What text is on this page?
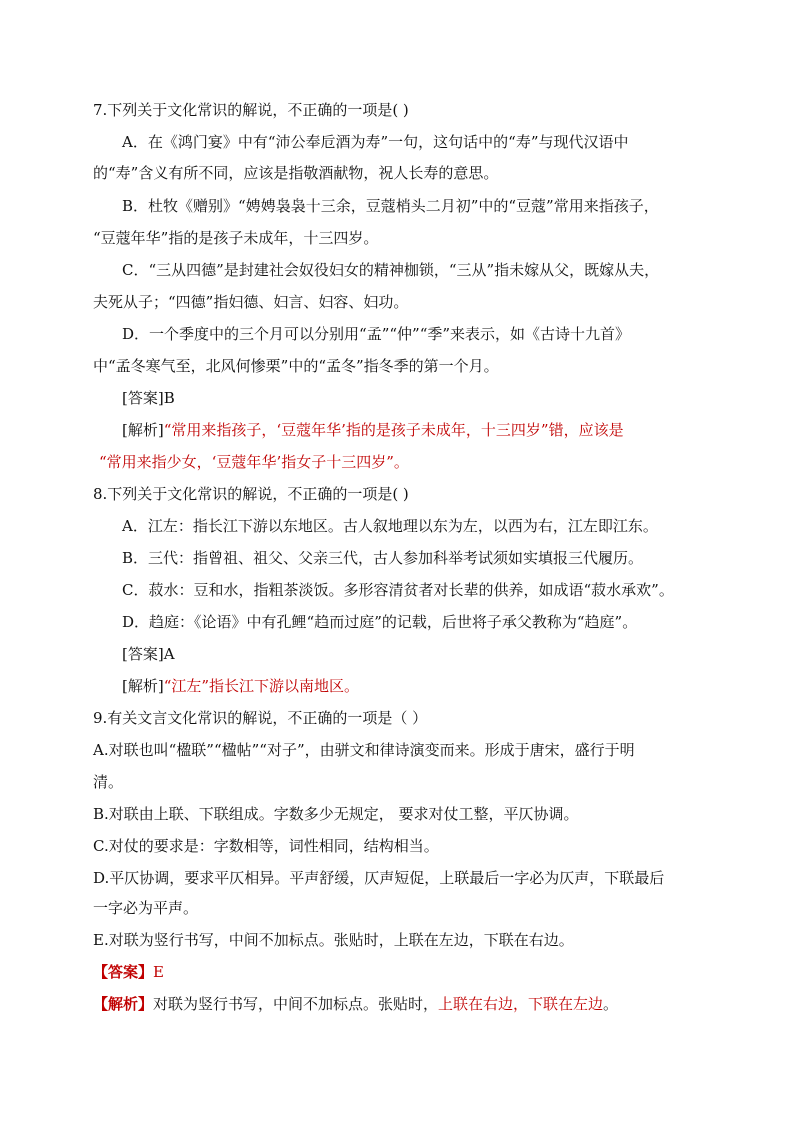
7.下列关于文化常识的解说，不正确的一项是( )
A．在《鸿门宴》中有“沛公奉卮酒为寿”一句，这句话中的“寿”与现代汉语中
的“寿”含义有所不同，应该是指敬酒献物，祝人长寿的意思。
B．杜牧《赠别》“娉娉袅袅十三余，豆蔻梢头二月初”中的“豆蔻”常用来指孩子，
“豆蔻年华”指的是孩子未成年，十三四岁。
C．“三从四德”是封建社会奴役妇女的精神枷锁，“三从”指未嫁从父，既嫁从夫，
夫死从子；“四德”指妇德、妇言、妇容、妇功。
D．一个季度中的三个月可以分别用“孟”“仲”“季”来表示，如《古诗十九首》
中“孟冬寒气至，北风何惨栗”中的“孟冬”指冬季的第一个月。
[答案]B
[解析]“常用来指孩子，‘豆蔻年华’指的是孩子未成年，十三四岁”错，应该是
“常用来指少女，‘豆蔻年华’指女子十三四岁”。
8.下列关于文化常识的解说，不正确的一项是( )
A．江左：指长江下游以东地区。古人叙地理以东为左，以西为右，江左即江东。
B．三代：指曾祖、祖父、父亲三代，古人参加科举考试须如实填报三代履历。
C．菽水：豆和水，指粗茶淡饭。多形容清贫者对长辈的供养，如成语“菽水承欢”。
D．趋庭：《论语》中有孔鲤“趋而过庭”的记载，后世将子承父教称为“趋庭”。
[答案]A
[解析]“江左”指长江下游以南地区。
9.有关文言文化常识的解说，不正确的一项是（ ）
A.对联也叫“楹联”“楹帖”“对子”，由骈文和律诗演变而来。形成于唐宋，盛行于明
清。
B.对联由上联、下联组成。字数多少无规定， 要求对仗工整，平仄协调。
C.对仗的要求是：字数相等，词性相同，结构相当。
D.平仄协调，要求平仄相异。平声舒缓，仄声短促，上联最后一字必为仄声，下联最后
一字必为平声。
E.对联为竖行书写，中间不加标点。张贴时，上联在左边，下联在右边。
【答案】E
【解析】对联为竖行书写，中间不加标点。张贴时，上联在右边，下联在左边。
